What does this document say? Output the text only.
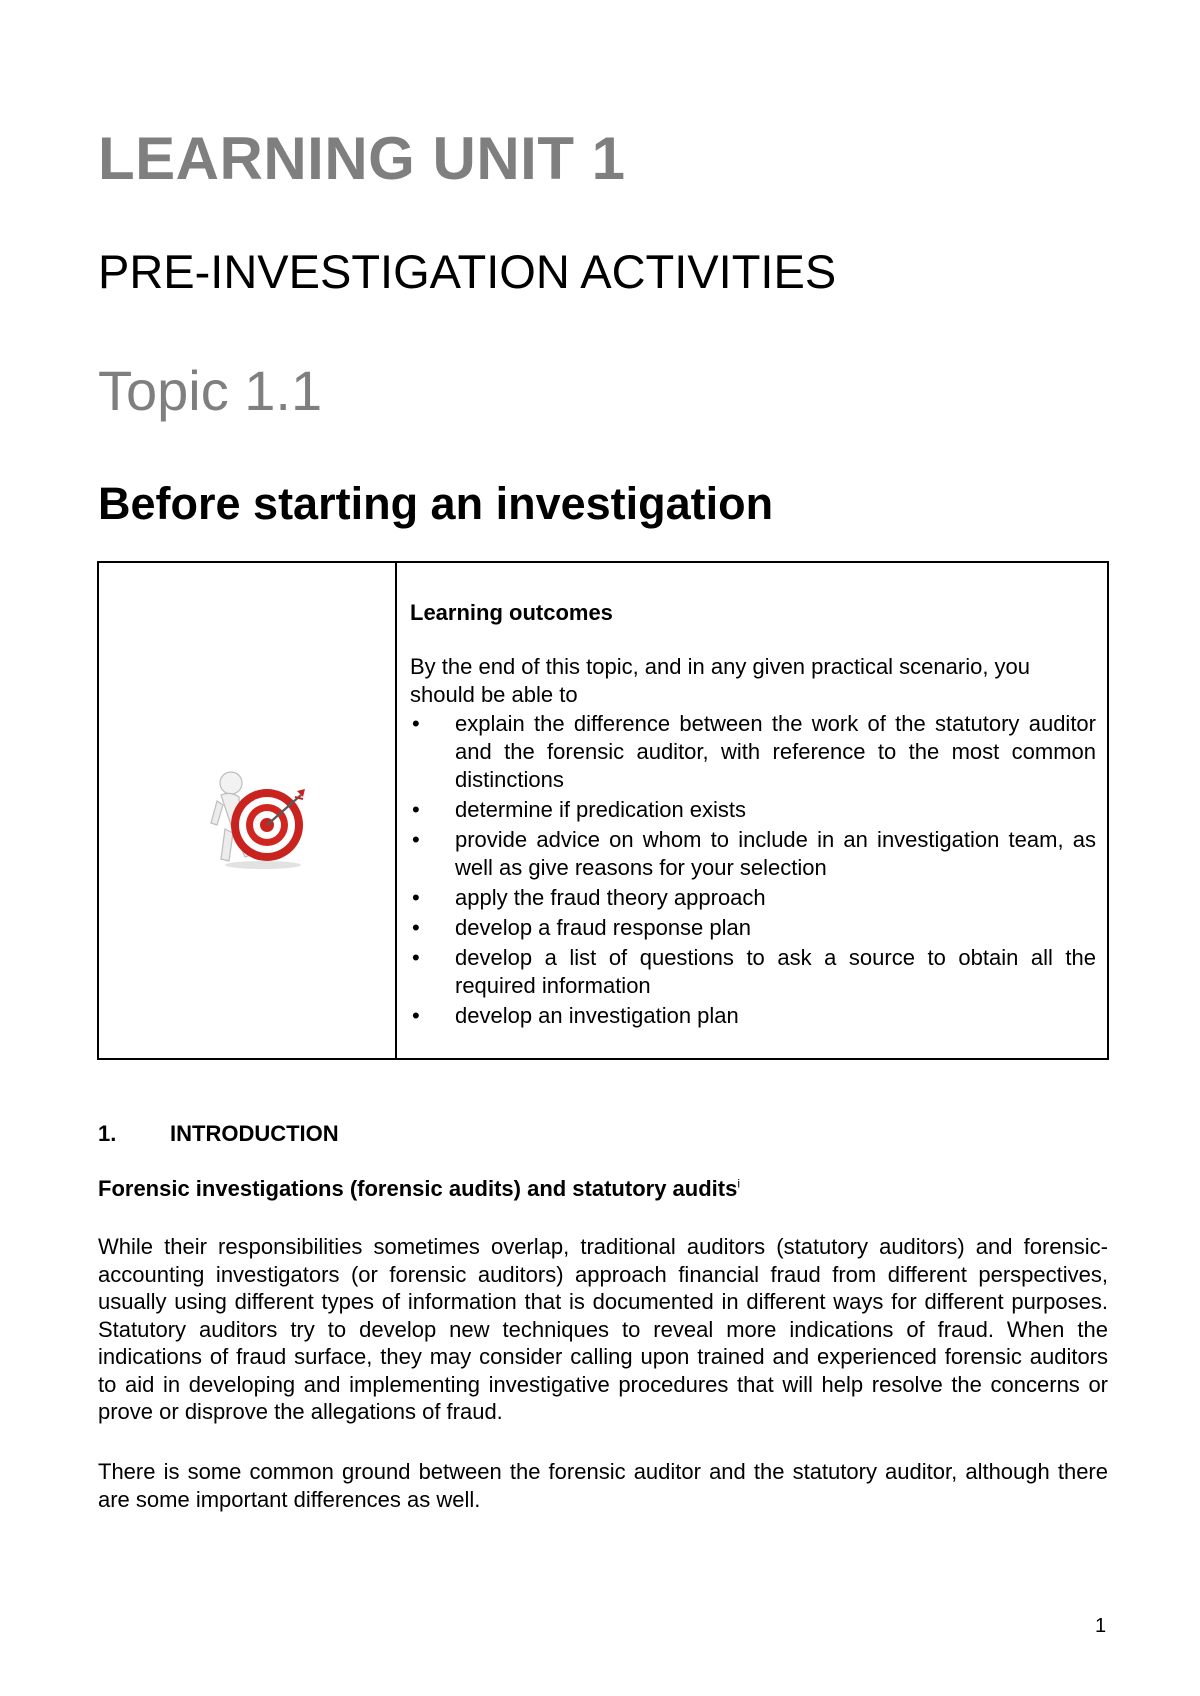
LEARNING UNIT 1
PRE-INVESTIGATION ACTIVITIES
Topic 1.1
Before starting an investigation

Learning outcomes

By the end of this topic, and in any given practical scenario, you should be able to

• explain the difference between the work of the statutory auditor and the forensic auditor, with reference to the most common distinctions
• determine if predication exists
• provide advice on whom to include in an investigation team, as well as give reasons for your selection
• apply the fraud theory approach
• develop a fraud response plan
• develop a list of questions to ask a source to obtain all the required information
• develop an investigation plan
1. INTRODUCTION
Forensic investigations (forensic audits) and statutory audits$^i$

While their responsibilities sometimes overlap, traditional auditors (statutory auditors) and forensic-accounting investigators (or forensic auditors) approach financial fraud from different perspectives, usually using different types of information that is documented in different ways for different purposes. Statutory auditors try to develop new techniques to reveal more indications of fraud. When the indications of fraud surface, they may consider calling upon trained and experienced forensic auditors to aid in developing and implementing investigative procedures that will help resolve the concerns or prove or disprove the allegations of fraud.

There is some common ground between the forensic auditor and the statutory auditor, although there are some important differences as well.

1
